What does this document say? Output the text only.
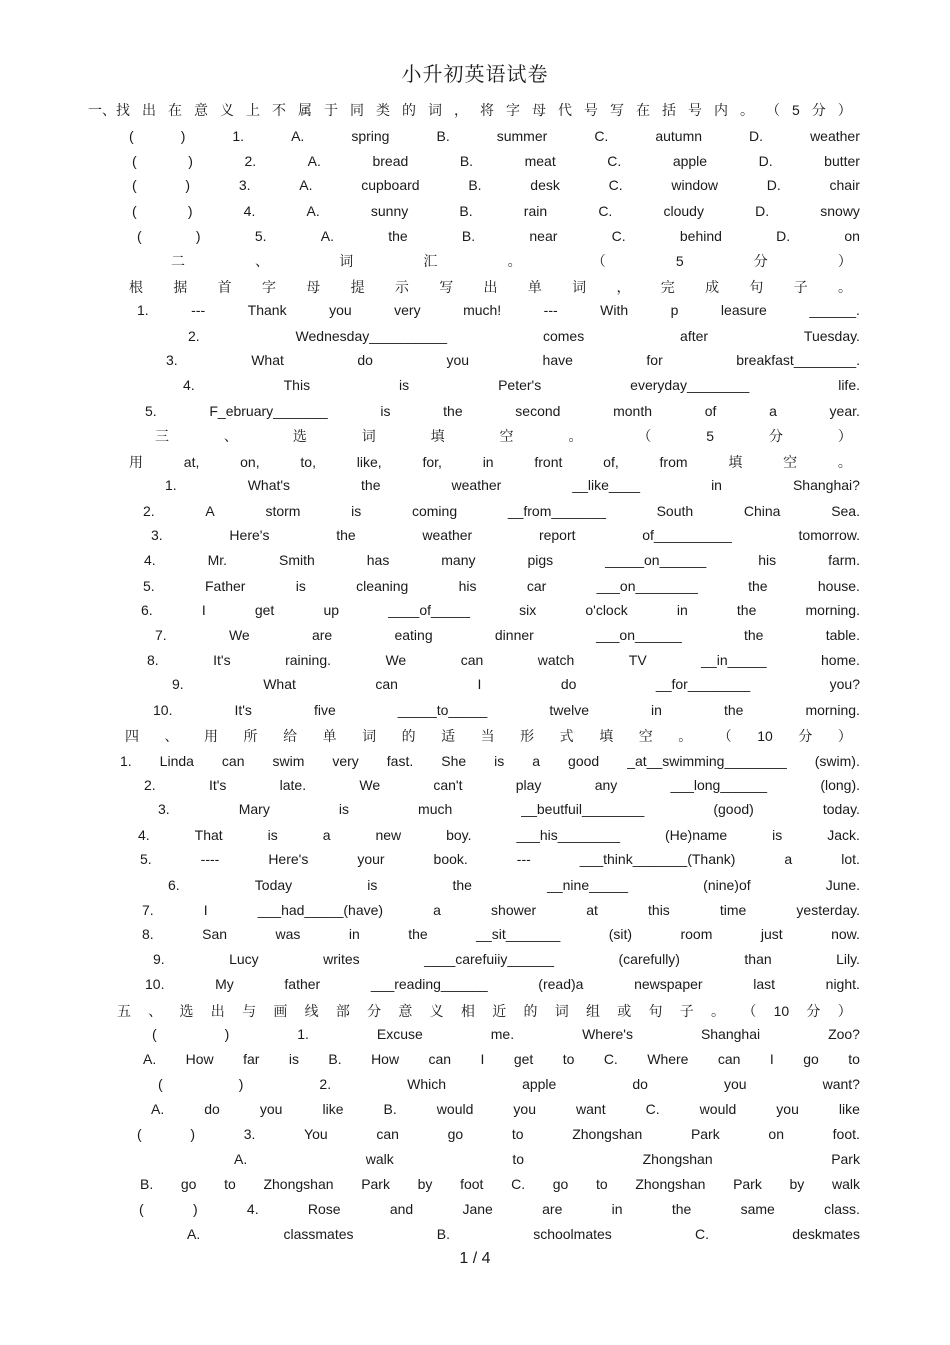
小升初英语试卷
一、找 出 在 意 义 上 不 属 于 同 类 的 词 ， 将 字 母 代 号 写 在 括 号 内 。 （ 5 分 ）
(	)	1.	A.	spring	B.	summer	C.	autumn	D.	weather
(	)	2.	A.	bread	B.	meat	C.	apple	D.	butter
(	)	3.	A.	cupboard	B.	desk	C.	window	D.	chair
(	)	4.	A.	sunny	B.	rain	C.	cloudy	D.	snowy
(	)	5.	A.	the	B.	near	C.	behind	D.	on
二	、	词	汇	。	（	5	分	）
根 据 首 字 母 提 示 写 出 单 词 ， 完 成 句 子 。
1.	---	Thank	you	very	much!	---	With	p	leasure	______.
2.	Wednesday__________	comes	after	Tuesday.
3.	What	do	you	have	for	breakfast________.
4.	This	is	Peter's	everyday________	life.
5.	F_ebruary_______	is	the	second	month	of	a	year.
三	、	选	词	填	空	。	（	5	分	）
用	at,	on,	to,	like,	for,	in	front	of,	from	填	空	。
1.	What's	the	weather	__like____	in	Shanghai?
2.	A	storm	is	coming	__from_______	South	China	Sea.
3.	Here's	the	weather	report	of__________	tomorrow.
4.	Mr.	Smith	has	many	pigs	_____on______	his	farm.
5.	Father	is	cleaning	his	car	___on________	the	house.
6.	I	get	up	____of_____	six	o'clock	in	the	morning.
7.	We	are	eating	dinner	___on______	the	table.
8.	It's	raining.	We	can	watch	TV	__in_____	home.
9.	What	can	I	do	__for________	you?
10.	It's	five	_____to_____	twelve	in	the	morning.
四 、 用 所 给 单 词 的 适 当 形 式 填 空 。 （ 10 分 ）
1. Linda can swim very fast. She is a good _at__swimming________ (swim).
2.	It's	late.	We	can't	play	any	___long______	(long).
3.	Mary	is	much	__beutfuil________	(good)	today.
4.	That	is	a	new	boy.	___his________	(He)name	is	Jack.
5.	----	Here's	your	book.	---	___think_______(Thank)	a	lot.
6.	Today	is	the	__nine_____	(nine)of	June.
7.	I	___had_____(have)	a	shower	at	this	time	yesterday.
8.	San	was	in	the	__sit_______	(sit)	room	just	now.
9.	Lucy	writes	____carefuiiy______	(carefully)	than	Lily.
10.	My	father	___reading______	(read)a	newspaper	last	night.
五 、 选 出 与 画 线 部 分 意 义 相 近 的 词 组 或 句 子 。 （ 10 分 ）
(	)	1.	Excuse	me.	Where's	Shanghai	Zoo?
A. How far is B. How can I get to C. Where can I go to
(	)	2.	Which	apple	do	you	want?
A.	do	you	like	B.	would	you	want	C.	would	you	like
(	)	3.	You	can	go	to	Zhongshan	Park	on	foot.
A.	walk	to	Zhongshan	Park
B. go to Zhongshan Park by foot C. go to Zhongshan Park by walk
(	)	4.	Rose	and	Jane	are	in	the	same	class.
A.	classmates	B.	schoolmates	C.	deskmates
1 / 4
